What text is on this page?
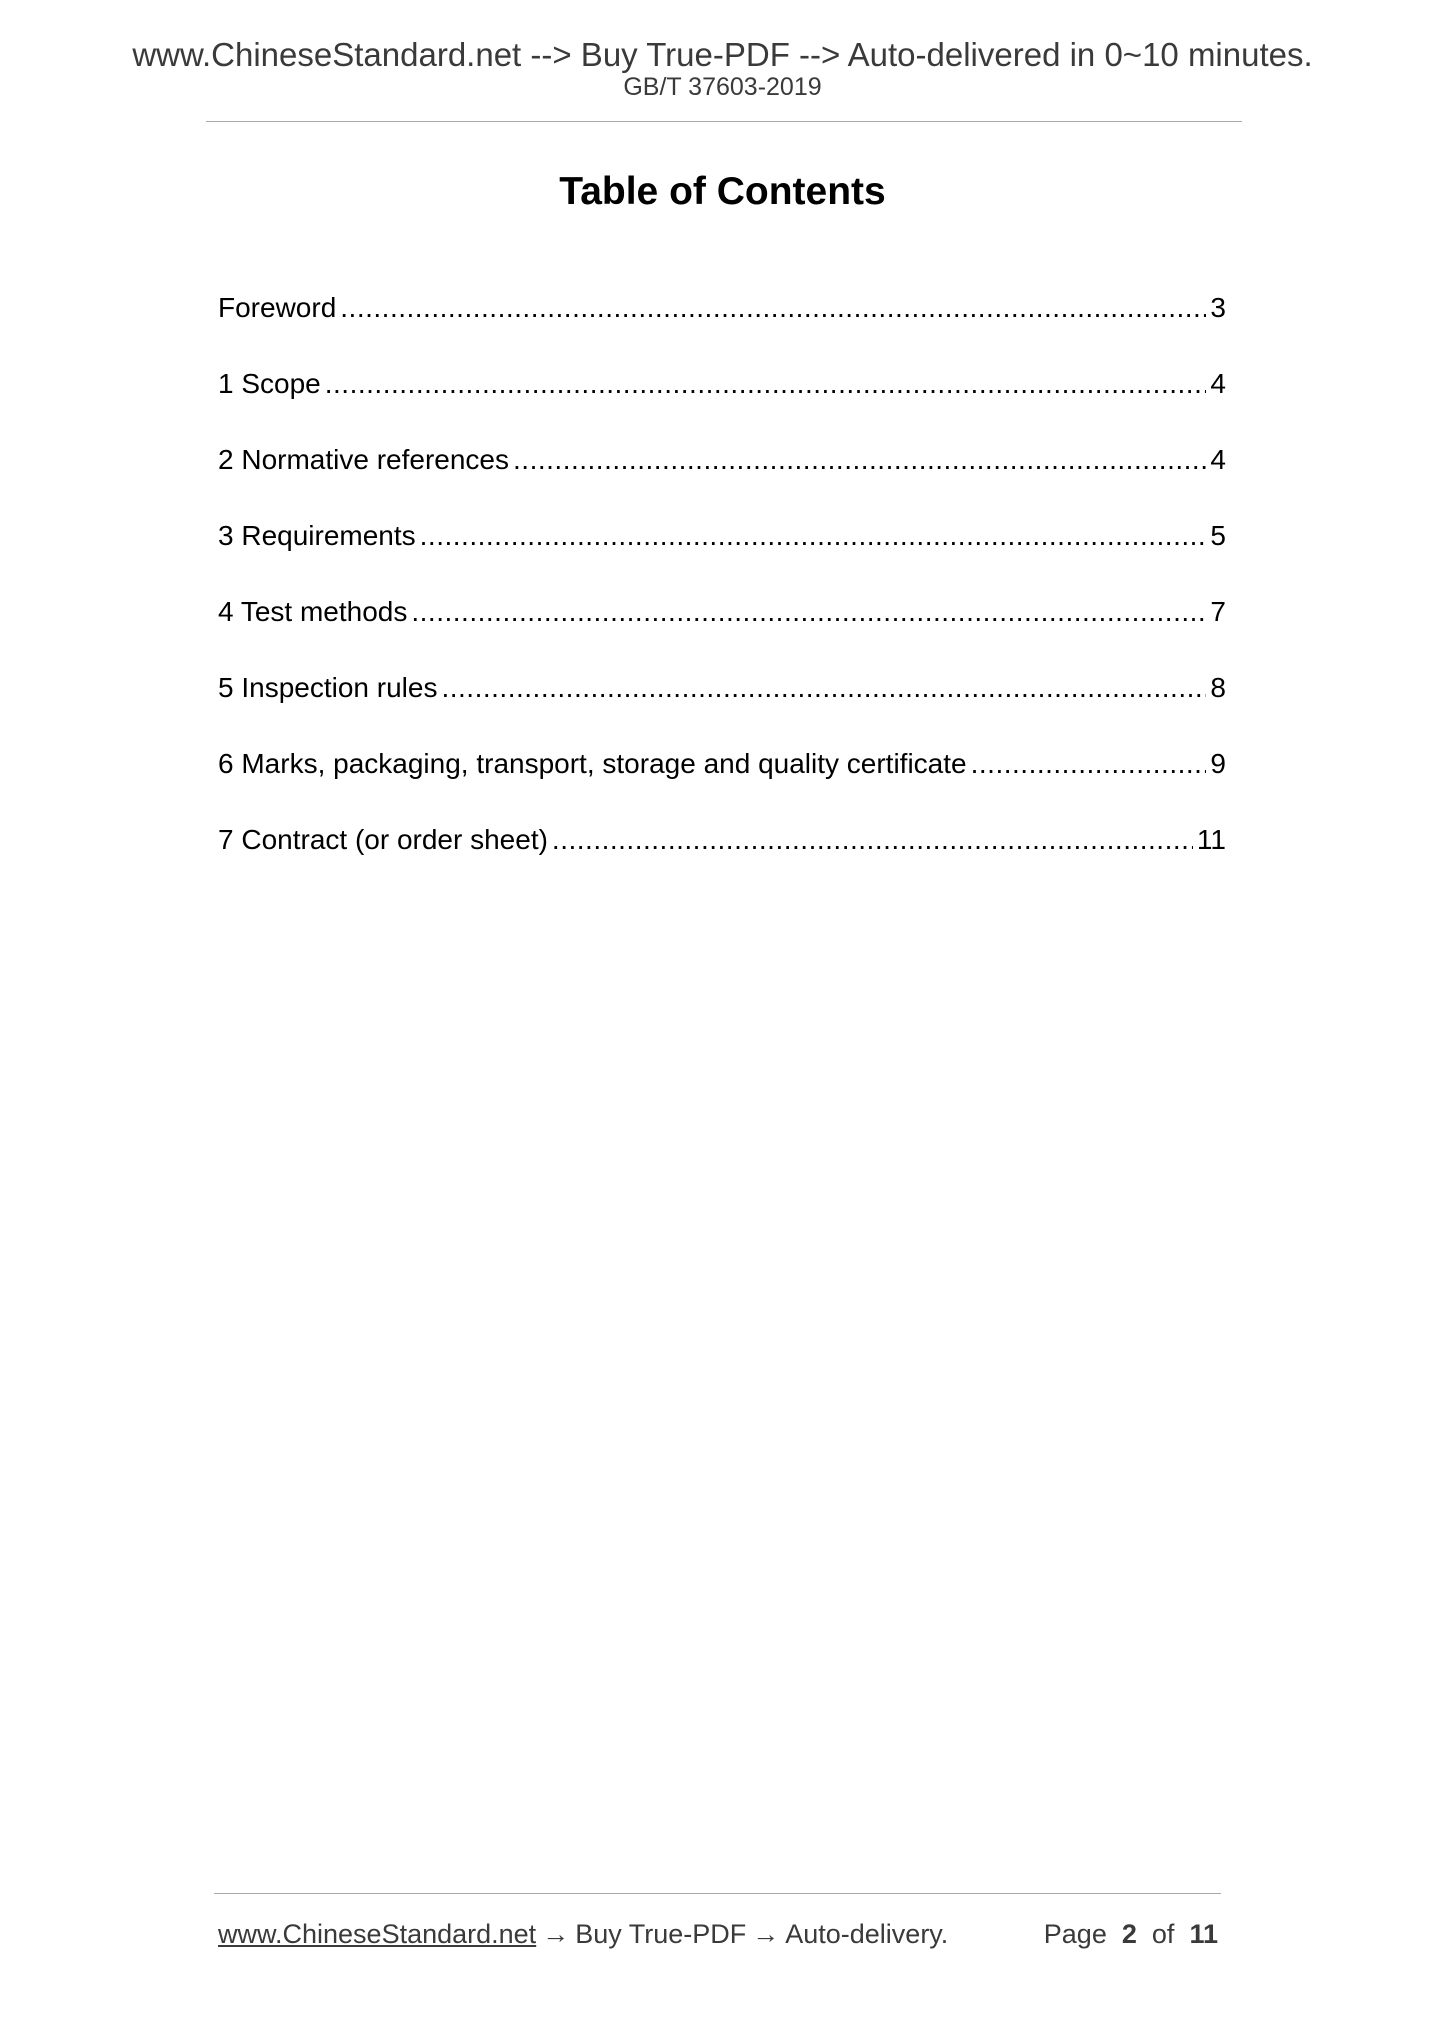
www.ChineseStandard.net --> Buy True-PDF --> Auto-delivered in 0~10 minutes.
GB/T 37603-2019
Table of Contents
Foreword .....	3
1 Scope .....	4
2 Normative references .....	4
3 Requirements .....	5
4 Test methods .....	7
5 Inspection rules .....	8
6 Marks, packaging, transport, storage and quality certificate .....	9
7 Contract (or order sheet) .....	11
www.ChineseStandard.net → Buy True-PDF → Auto-delivery.	Page 2 of 11
